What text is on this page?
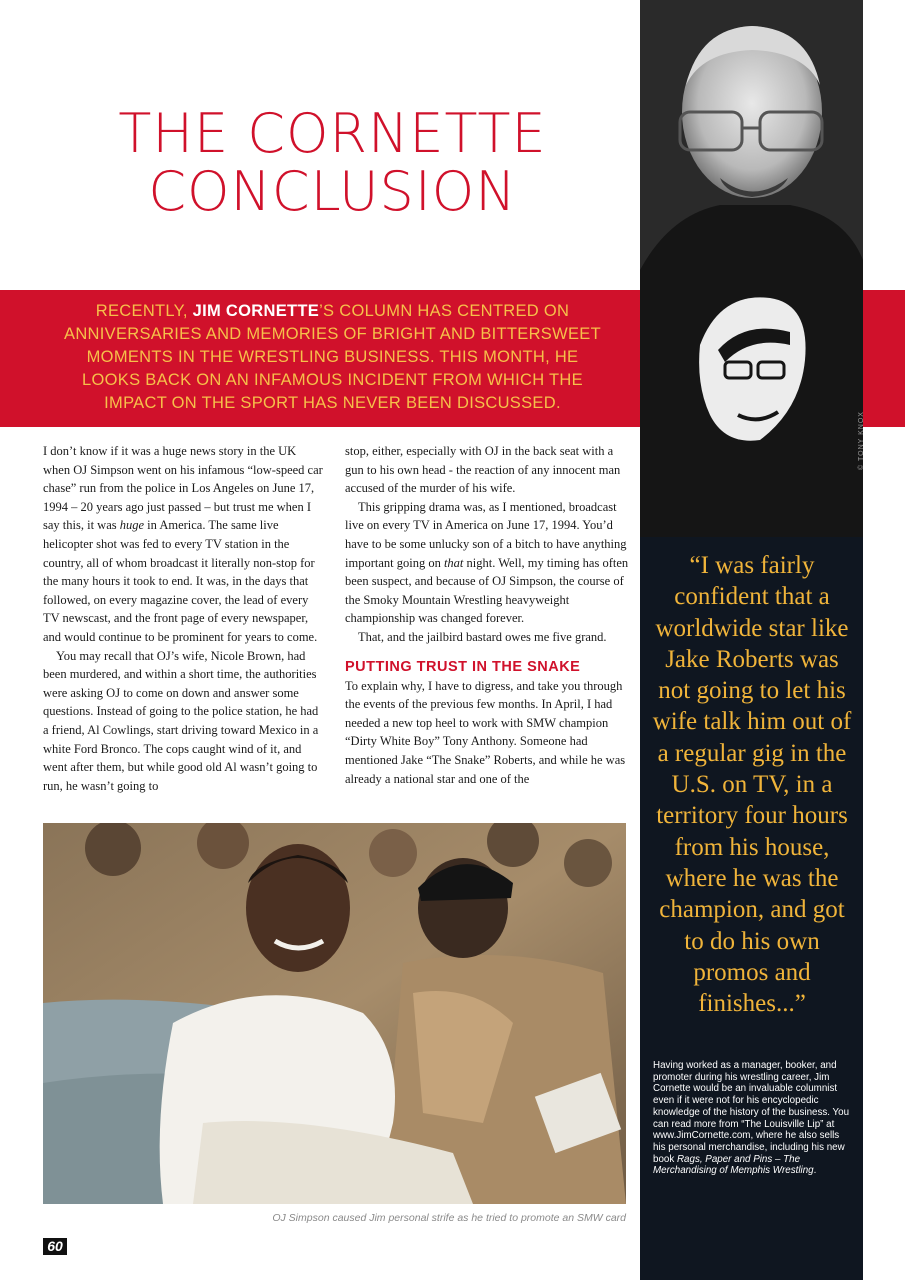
THE CORNETTE
CONCLUSION
RECENTLY, JIM CORNETTE’S COLUMN HAS CENTRED ON ANNIVERSARIES AND MEMORIES OF BRIGHT AND BITTERSWEET MOMENTS IN THE WRESTLING BUSINESS. THIS MONTH, HE LOOKS BACK ON AN INFAMOUS INCIDENT FROM WHICH THE IMPACT ON THE SPORT HAS NEVER BEEN DISCUSSED.
© TONY KNOX
“I was fairly confident that a worldwide star like Jake Roberts was not going to let his wife talk him out of a regular gig in the U.S. on TV, in a territory four hours from his house, where he was the champion, and got to do his own promos and finishes...”
Having worked as a manager, booker, and promoter during his wrestling career, Jim Cornette would be an invaluable columnist even if it were not for his encyclopedic knowledge of the history of the business. You can read more from “The Louisville Lip” at www.JimCornette.com, where he also sells his personal merchandise, including his new book Rags, Paper and Pins – The Merchandising of Memphis Wrestling.

I don’t know if it was a huge news story in the UK when OJ Simpson went on his infamous “low-speed car chase” run from the police in Los Angeles on June 17, 1994 – 20 years ago just passed – but trust me when I say this, it was huge in America. The same live helicopter shot was fed to every TV station in the country, all of whom broadcast it literally non-stop for the many hours it took to end. It was, in the days that followed, on every magazine cover, the lead of every TV newscast, and the front page of every newspaper, and would continue to be prominent for years to come.

You may recall that OJ’s wife, Nicole Brown, had been murdered, and within a short time, the authorities were asking OJ to come on down and answer some questions. Instead of going to the police station, he had a friend, Al Cowlings, start driving toward Mexico in a white Ford Bronco. The cops caught wind of it, and went after them, but while good old Al wasn’t going to run, he wasn’t going to

stop, either, especially with OJ in the back seat with a gun to his own head - the reaction of any innocent man accused of the murder of his wife.

This gripping drama was, as I mentioned, broadcast live on every TV in America on June 17, 1994. You’d have to be some unlucky son of a bitch to have anything important going on that night. Well, my timing has often been suspect, and because of OJ Simpson, the course of the Smoky Mountain Wrestling heavyweight championship was changed forever.

That, and the jailbird bastard owes me five grand.

PUTTING TRUST IN THE SNAKE

To explain why, I have to digress, and take you through the events of the previous few months. In April, I had needed a new top heel to work with SMW champion “Dirty White Boy” Tony Anthony. Someone had mentioned Jake “The Snake” Roberts, and while he was already a national star and one of the

OJ Simpson caused Jim personal strife as he tried to promote an SMW card
60
